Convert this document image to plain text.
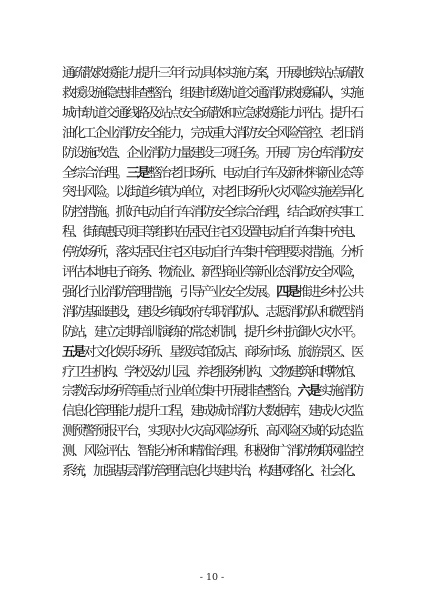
通疏散救援能力提升三年行动具体实施方案，开展地铁站点疏散
救援设施隐患排查整治，组建市级轨道交通消防救援编队，实施
城市轨道交通线路及站点安全疏散和应急救援能力评估。提升石
油化工企业消防安全能力，完成重大消防安全风险管控、老旧消
防设施改造、企业消防力量建设三项任务。开展厂房仓库消防安
全综合治理。三是整治老旧场所、电动自行车及新材料新业态等
突出风险。以街道乡镇为单位，对老旧场所火灾风险实施差异化
防控措施。抓好电动自行车消防安全综合治理，结合政府实事工
程、街镇惠民项目等组织在居民住宅区设置电动自行车集中充电、
停放场所，落实居民住宅区电动自行车集中管理要求措施。分析
评估本地电子商务、物流业、新型商业等新业态消防安全风险，
强化行业消防管理措施，引导产业安全发展。四是推进乡村公共
消防基础建设，建设乡镇政府专职消防队、志愿消防队和微型消
防站，建立定期培训演练的常态机制，提升乡村抗御火灾水平。
五是对文化娱乐场所、星级宾馆饭店、商场市场、旅游景区、医
疗卫生机构、学校及幼儿园、养老服务机构、文物建筑和博物馆、
宗教活动场所等重点行业单位集中开展排查整治。六是实施消防
信息化管理能力提升工程，建成城市消防大数据库，建成火灾监
测预警预报平台，实现对火灾高风险场所、高风险区域的动态监
测、风险评估、智能分析和精准治理。积极推广消防物联网监控
系统，加强基层消防管理信息化共建共治，构建网络化、社会化、
- 10 -
